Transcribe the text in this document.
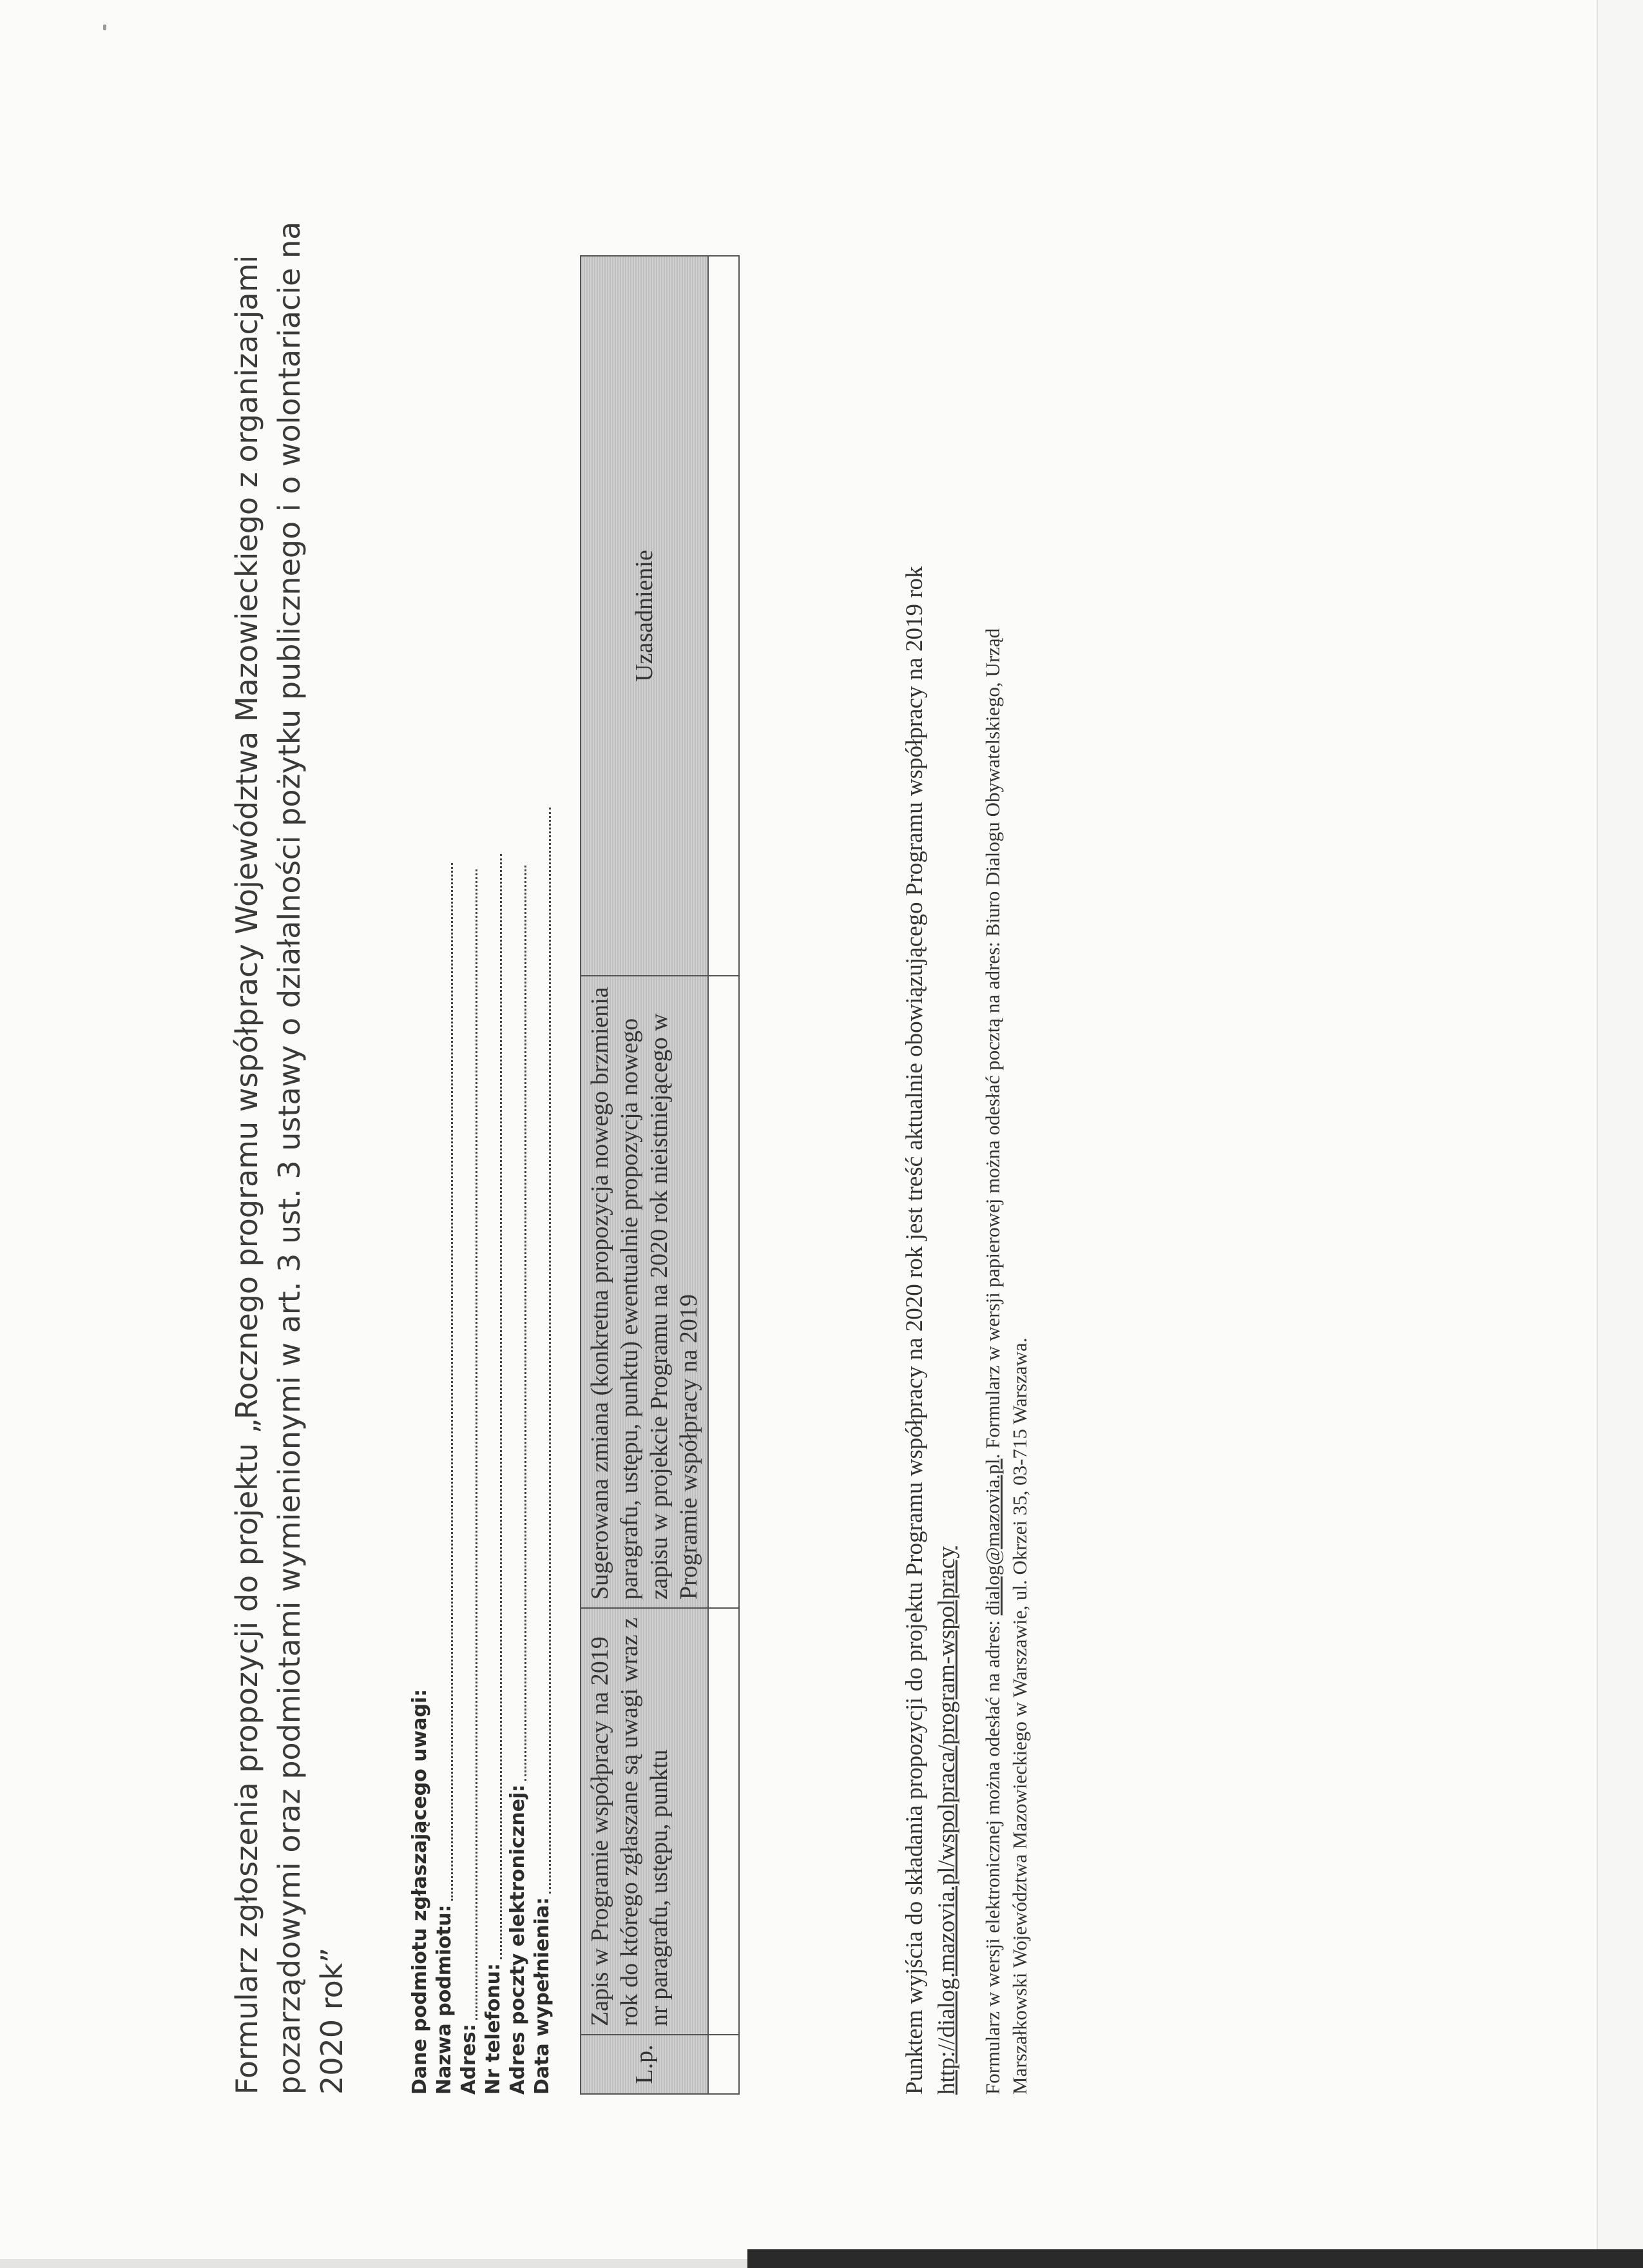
Formularz zgłoszenia propozycji do projektu „Rocznego programu współpracy Województwa Mazowieckiego z organizacjami pozarządowymi oraz podmiotami wymienionymi w art. 3 ust. 3 ustawy o działalności pożytku publicznego i o wolontariacie na 2020 rok”	Dane podmiotu zgłaszającego uwagi: Nazwa podmiotu: Adres: Nr telefonu: Adres poczty elektronicznej: Data wypełnienia:	L.p.	Zapis w Programie współpracy na 2019 rok do którego zgłaszane są uwagi wraz z nr paragrafu, ustępu, punktu	Sugerowana zmiana (konkretna propozycja nowego brzmienia paragrafu, ustępu, punktu) ewentualnie propozycja nowego zapisu w projekcie Programu na 2020 rok nieistniejącego w Programie współpracy na 2019	Uzasadnienie
				Punktem wyjścia do składania propozycji do projektu Programu współpracy na 2020 rok jest treść aktualnie obowiązującego Programu współpracy na 2019 rok http://dialog.mazovia.pl/wspolpraca/program-wspolpracy Formularz w wersji elektronicznej można odesłać na adres: dialog@mazovia.pl. Formularz w wersji papierowej można odesłać pocztą na adres: Biuro Dialogu Obywatelskiego, Urząd Marszałkowski Województwa Mazowieckiego w Warszawie, ul. Okrzei 35, 03-715 Warszawa.
